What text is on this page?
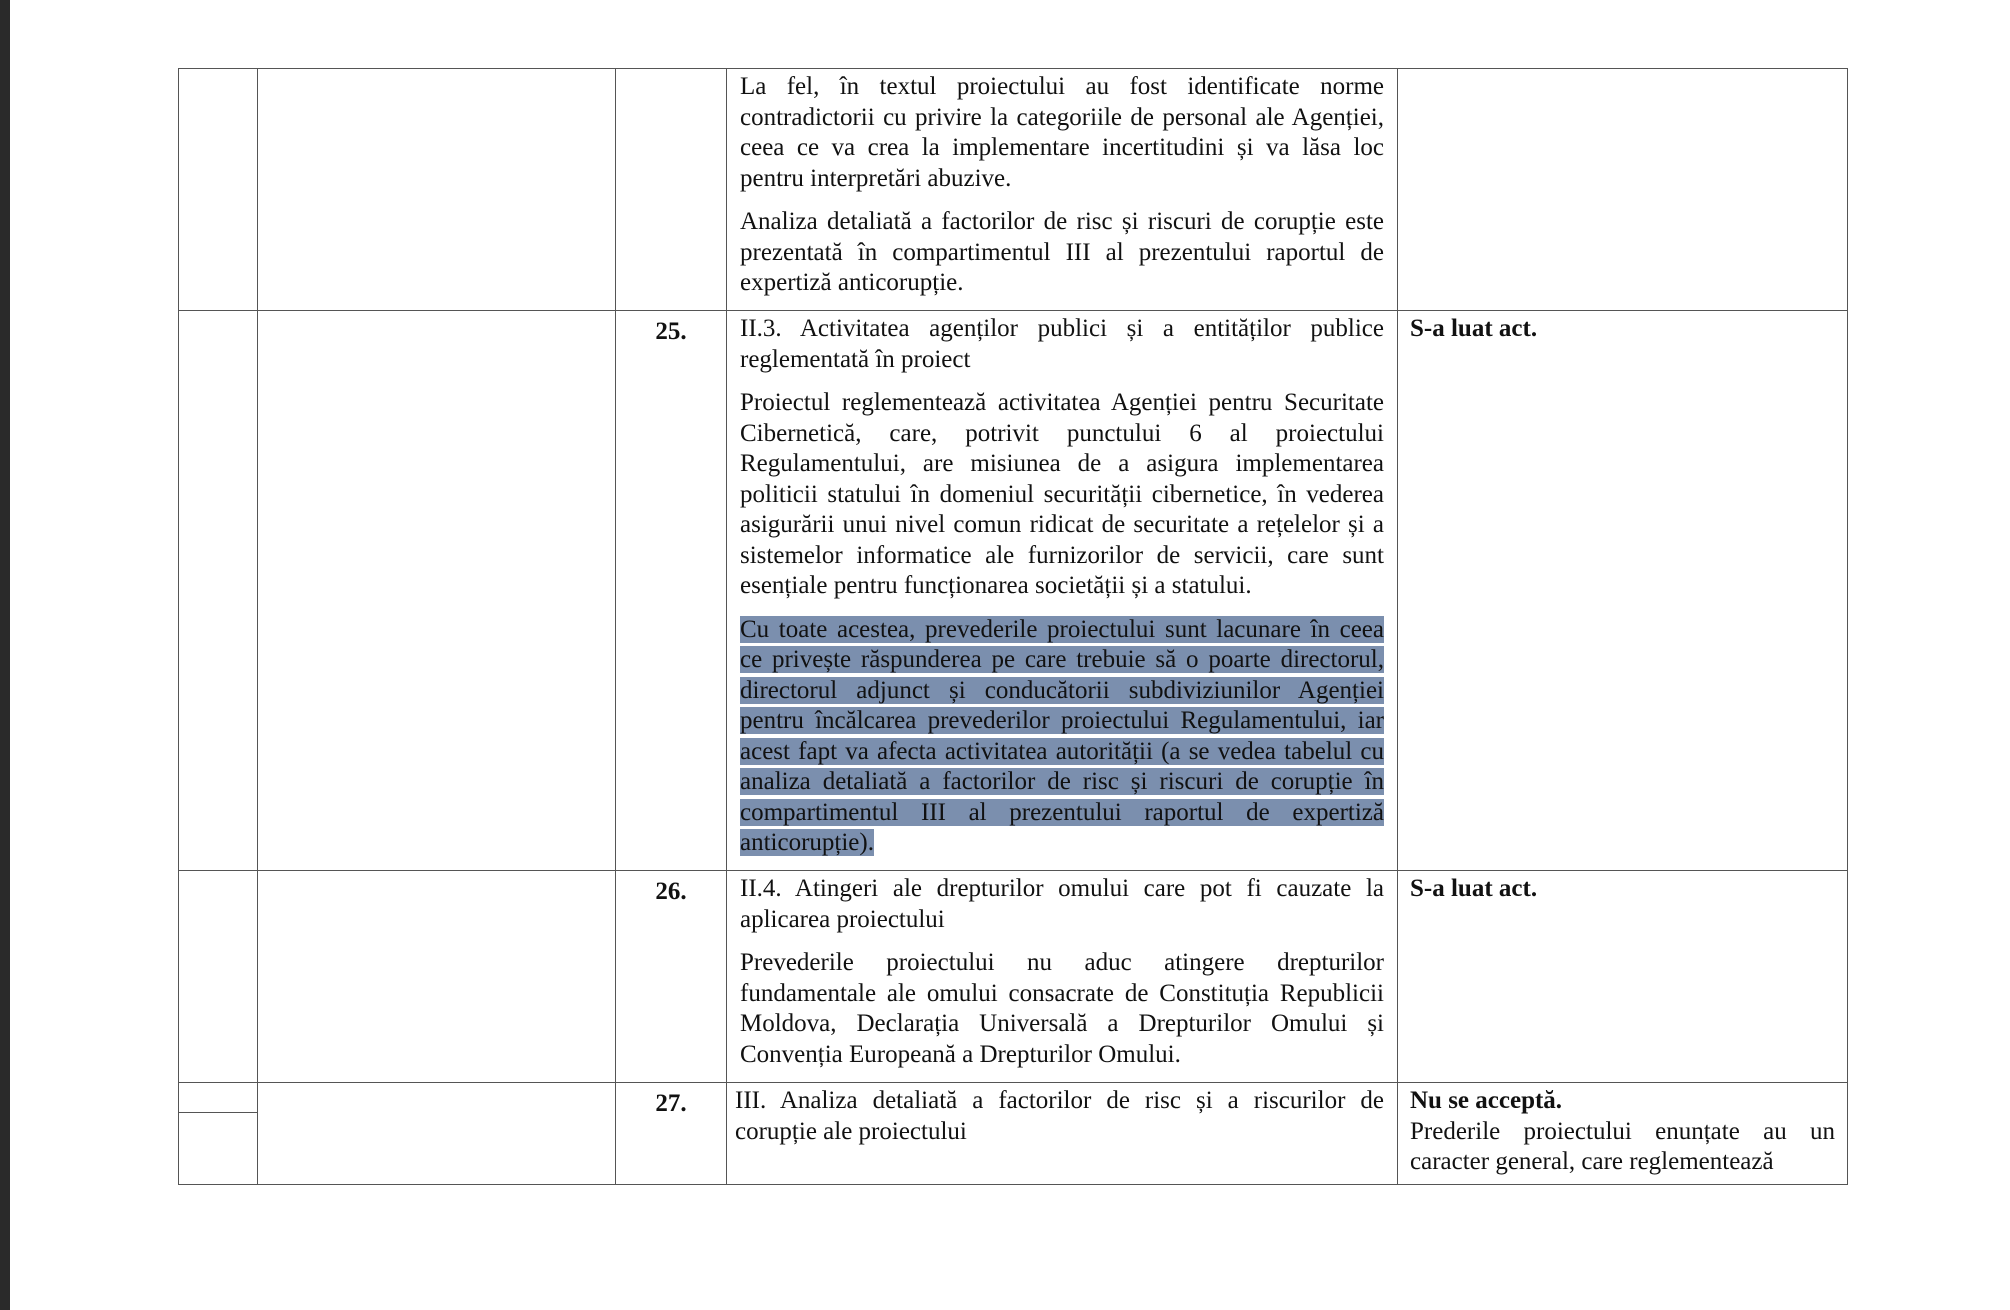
			La fel, în textul proiectului au fost identificate norme contradictorii cu privire la categoriile de personal ale Agenției, ceea ce va crea la implementare incertitudini și va lăsa loc pentru interpretări abuzive.

Analiza detaliată a factorilor de risc și riscuri de corupție este prezentată în compartimentul III al prezentului raportul de expertiză anticorupție.	

		25.	II.3. Activitatea agenților publici și a entităților publice reglementată în proiect

Proiectul reglementează activitatea Agenției pentru Securitate Cibernetică, care, potrivit punctului 6 al proiectului Regulamentului, are misiunea de a asigura implementarea politicii statului în domeniul securității cibernetice, în vederea asigurării unui nivel comun ridicat de securitate a rețelelor și a sistemelor informatice ale furnizorilor de servicii, care sunt esențiale pentru funcționarea societății și a statului.

Cu toate acestea, prevederile proiectului sunt lacunare în ceea ce privește răspunderea pe care trebuie să o poarte directorul, directorul adjunct și conducătorii subdiviziunilor Agenției pentru încălcarea prevederilor proiectului Regulamentului, iar acest fapt va afecta activitatea autorității (a se vedea tabelul cu analiza detaliată a factorilor de risc și riscuri de corupție în compartimentul III al prezentului raportul de expertiză anticorupție).	S-a luat act.
		26.	II.4. Atingeri ale drepturilor omului care pot fi cauzate la aplicarea proiectului

Prevederile proiectului nu aduc atingere drepturilor fundamentale ale omului consacrate de Constituția Republicii Moldova, Declarația Universală a Drepturilor Omului și Convenția Europeană a Drepturilor Omului.	S-a luat act.

		27.	III. Analiza detaliată a factorilor de risc și a riscurilor de corupție ale proiectului	Nu se acceptă.
Prederile proiectului enunțate au un caracter general, care reglementează
